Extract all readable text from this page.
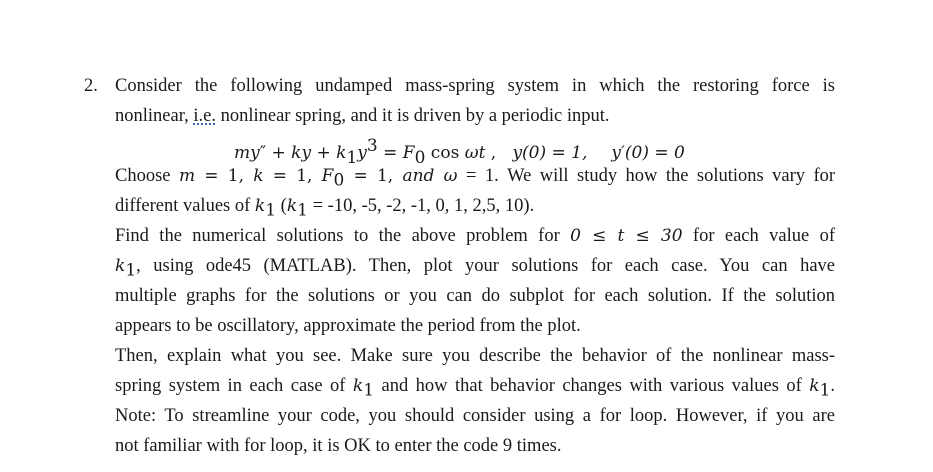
2. Consider the following undamped mass-spring system in which the restoring force is
nonlinear, i.e. nonlinear spring, and it is driven by a periodic input.
my″ + ky + $k_1y^3 = F_0$ cos ωt ,   y(0) = 1, y′(0) = 0
Choose m = 1, k = 1, $F_0 = 1$, and ω = 1. We will study how the solutions vary for
different values of $k_1$ ($k_1 = -10$, -5, -2, -1, 0, 1, 2,5, 10).
Find the numerical solutions to the above problem for 0 ≤ t ≤ 30 for each value of
$k_1$, using ode45 (MATLAB). Then, plot your solutions for each case. You can have
multiple graphs for the solutions or you can do subplot for each solution. If the solution
appears to be oscillatory, approximate the period from the plot.
Then, explain what you see. Make sure you describe the behavior of the nonlinear mass-
spring system in each case of $k_1$ and how that behavior changes with various values of $k_1$.
Note: To streamline your code, you should consider using a for loop. However, if you are
not familiar with for loop, it is OK to enter the code 9 times.
